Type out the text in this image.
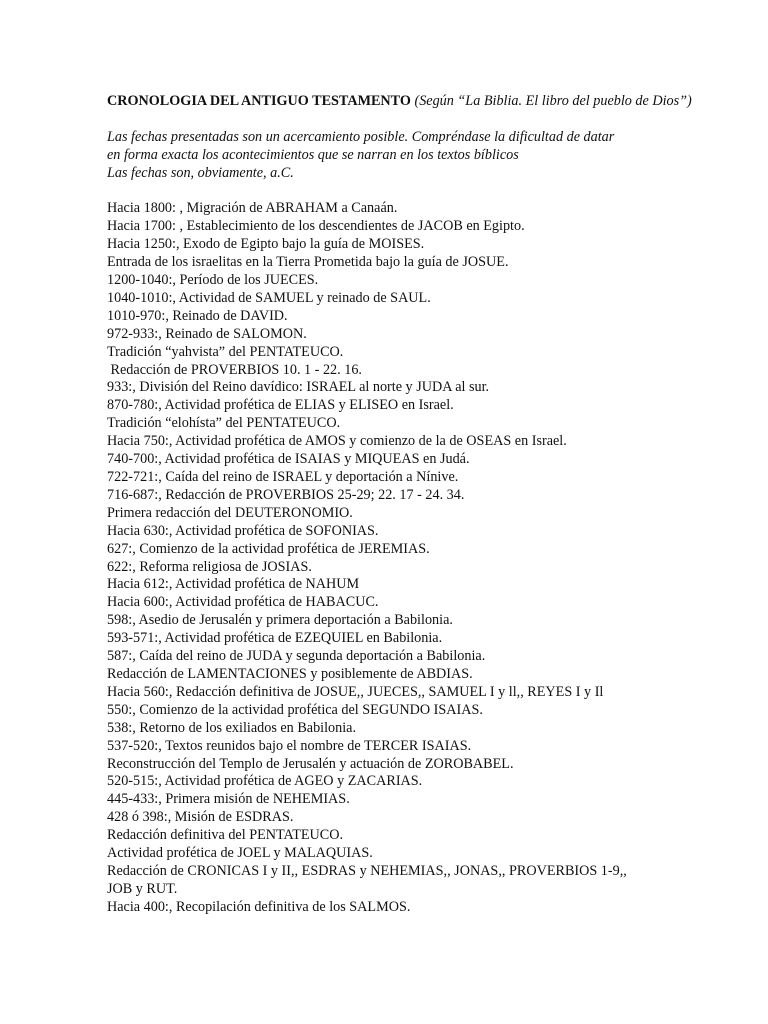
CRONOLOGIA DEL ANTIGUO TESTAMENTO (Según “La Biblia. El libro del pueblo de Dios”)

Las fechas presentadas son un acercamiento posible. Compréndase la dificultad de datar
en forma exacta los acontecimientos que se narran en los textos bíblicos
Las fechas son, obviamente, a.C.
Hacia 1800: , Migración de ABRAHAM a Canaán.
Hacia 1700: , Establecimiento de los descendientes de JACOB en Egipto.
Hacia 1250:, Exodo de Egipto bajo la guía de MOISES.
Entrada de los israelitas en la Tierra Prometida bajo la guía de JOSUE.
1200-1040:, Período de los JUECES.
1040-1010:, Actividad de SAMUEL y reinado de SAUL.
1010-970:, Reinado de DAVID.
972-933:, Reinado de SALOMON.
Tradición “yahvista” del PENTATEUCO.
Redacción de PROVERBIOS 10. 1 - 22. 16.
933:, División del Reino davídico: ISRAEL al norte y JUDA al sur.
870-780:, Actividad profética de ELIAS y ELISEO en Israel.
Tradición “elohísta” del PENTATEUCO.
Hacia 750:, Actividad profética de AMOS y comienzo de la de OSEAS en Israel.
740-700:, Actividad profética de ISAIAS y MIQUEAS en Judá.
722-721:, Caída del reino de ISRAEL y deportación a Nínive.
716-687:, Redacción de PROVERBIOS 25-29; 22. 17 - 24. 34.
Primera redacción del DEUTERONOMIO.
Hacia 630:, Actividad profética de SOFONIAS.
627:, Comienzo de la actividad profética de JEREMIAS.
622:, Reforma religiosa de JOSIAS.
Hacia 612:, Actividad profética de NAHUM
Hacia 600:, Actividad profética de HABACUC.
598:, Asedio de Jerusalén y primera deportación a Babilonia.
593-571:, Actividad profética de EZEQUIEL en Babilonia.
587:, Caída del reino de JUDA y segunda deportación a Babilonia.
Redacción de LAMENTACIONES y posiblemente de ABDIAS.
Hacia 560:, Redacción definitiva de JOSUE,, JUECES,, SAMUEL I y ll,, REYES I y Il
550:, Comienzo de la actividad profética del SEGUNDO ISAIAS.
538:, Retorno de los exiliados en Babilonia.
537-520:, Textos reunidos bajo el nombre de TERCER ISAIAS.
Reconstrucción del Templo de Jerusalén y actuación de ZOROBABEL.
520-515:, Actividad profética de AGEO y ZACARIAS.
445-433:, Primera misión de NEHEMIAS.
428 ó 398:, Misión de ESDRAS.
Redacción definitiva del PENTATEUCO.
Actividad profética de JOEL y MALAQUIAS.
Redacción de CRONICAS I y II,, ESDRAS y NEHEMIAS,, JONAS,, PROVERBIOS 1-9,,
JOB y RUT.
Hacia 400:, Recopilación definitiva de los SALMOS.
